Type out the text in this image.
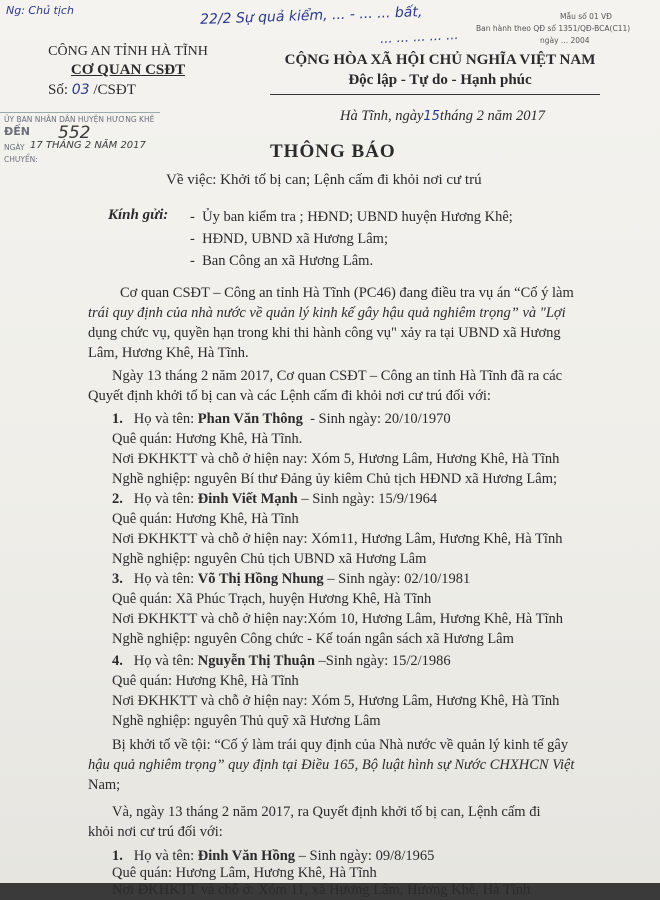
Ng: Chủ tịch	22/2 Sự quả kiểm, ... - ... ... bất,
... ... ... ... ...
Mẫu số 01 VĐ
Ban hành theo QĐ số 1351/QĐ-BCA(C11)
ngày ... 2004
CÔNG AN TỈNH HÀ TĨNH
CƠ QUAN CSĐT
Số: 03 /CSĐT
CỘNG HÒA XÃ HỘI CHỦ NGHĨA VIỆT NAM
Độc lập - Tự do - Hạnh phúc
Hà Tĩnh, ngày15tháng 2 năm 2017
ỦY BAN NHÂN DÂN HUYỆN HƯƠNG KHÊ
ĐẾN 552
NGÀY 17 THÁNG 2 NĂM 2017
CHUYỂN:	THÔNG BÁO
Về việc: Khởi tố bị can; Lệnh cấm đi khỏi nơi cư trú
Kính gửi: -  Ủy ban kiểm tra ; HĐND; UBND huyện Hương Khê;
-  HĐND, UBND xã Hương Lâm;
-  Ban Công an xã Hương Lâm.
Cơ quan CSĐT – Công an tỉnh Hà Tĩnh (PC46) đang điều tra vụ án “Cố ý làm
trái quy định của nhà nước về quản lý kinh kế gây hậu quả nghiêm trọng” và "Lợi
dụng chức vụ, quyền hạn trong khi thi hành công vụ" xảy ra tại UBND xã Hương
Lâm, Hương Khê, Hà Tĩnh.
Ngày 13 tháng 2 năm 2017, Cơ quan CSĐT – Công an tỉnh Hà Tĩnh đã ra các
Quyết định khởi tố bị can và các Lệnh cấm đi khỏi nơi cư trú đối với:
1. Họ và tên: Phan Văn Thông - Sinh ngày: 20/10/1970
Quê quán: Hương Khê, Hà Tĩnh.
Nơi ĐKHKTT và chỗ ở hiện nay: Xóm 5, Hương Lâm, Hương Khê, Hà Tĩnh
Nghề nghiệp: nguyên Bí thư Đảng ủy kiêm Chủ tịch HĐND xã Hương Lâm;
2. Họ và tên: Đinh Viết Mạnh – Sinh ngày: 15/9/1964
Quê quán: Hương Khê, Hà Tĩnh
Nơi ĐKHKTT và chỗ ở hiện nay: Xóm11, Hương Lâm, Hương Khê, Hà Tĩnh
Nghề nghiệp: nguyên Chủ tịch UBND xã Hương Lâm
3. Họ và tên: Võ Thị Hồng Nhung – Sinh ngày: 02/10/1981
Quê quán: Xã Phúc Trạch, huyện Hương Khê, Hà Tĩnh
Nơi ĐKHKTT và chỗ ở hiện nay:Xóm 10, Hương Lâm, Hương Khê, Hà Tĩnh
Nghề nghiệp: nguyên Công chức - Kế toán ngân sách xã Hương Lâm
4. Họ và tên: Nguyễn Thị Thuận –Sinh ngày: 15/2/1986
Quê quán: Hương Khê, Hà Tĩnh
Nơi ĐKHKTT và chỗ ở hiện nay: Xóm 5, Hương Lâm, Hương Khê, Hà Tĩnh
Nghề nghiệp: nguyên Thủ quỹ xã Hương Lâm
Bị khởi tố về tội: “Cố ý làm trái quy định của Nhà nước về quản lý kinh tế gây
hậu quả nghiêm trọng” quy định tại Điều 165, Bộ luật hình sự Nước CHXHCN Việt
Nam;
Và, ngày 13 tháng 2 năm 2017, ra Quyết định khởi tố bị can, Lệnh cấm đi
khỏi nơi cư trú đối với:
1. Họ và tên: Đinh Văn Hồng – Sinh ngày: 09/8/1965
Quê quán: Hương Lâm, Hương Khê, Hà Tĩnh
Nơi ĐKHKTT và chỗ ở: Xóm 11, xã Hương Lâm, Hương Khê, Hà Tĩnh
